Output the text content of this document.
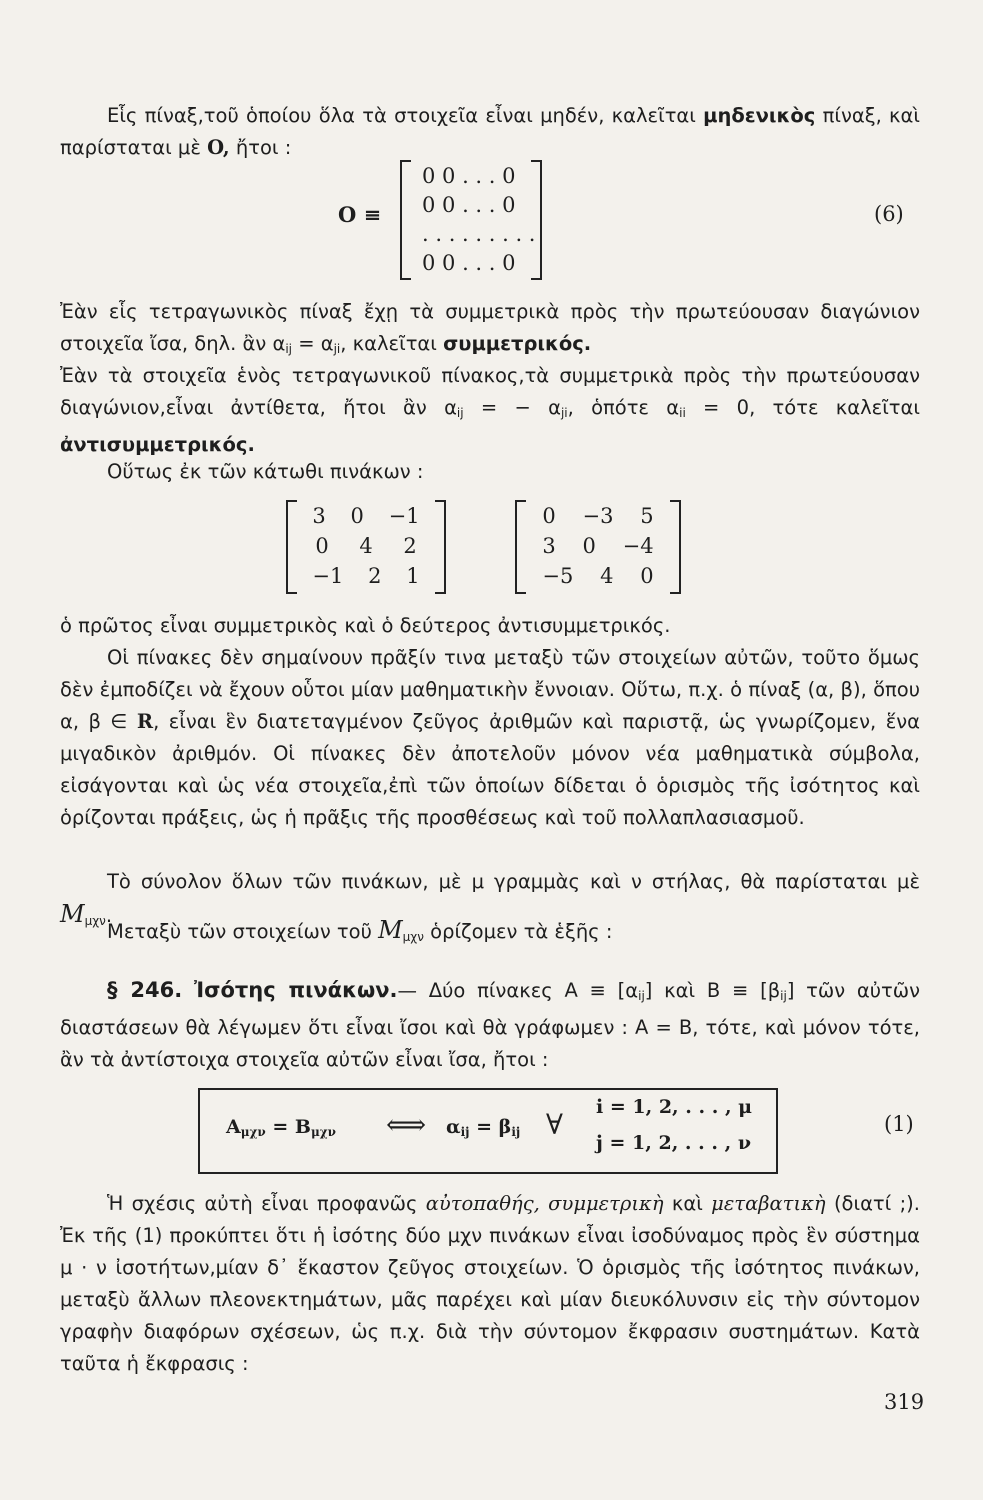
Εἷς πίναξ,τοῦ ὁποίου ὅλα τὰ στοιχεῖα εἶναι μηδέν, καλεῖται μηδενικὸς πίναξ, καὶ παρίσταται μὲ O, ἤτοι :

O ≡
0 0 . . . 0
0 0 . . . 0
. . . . . . . . .
0 0 . . . 0
(6)

Ἐὰν εἷς τετραγωνικὸς πίναξ ἔχῃ τὰ συμμετρικὰ πρὸς τὴν πρωτεύουσαν διαγώνιον στοιχεῖα ἴσα, δηλ. ἂν $\alpha_{ij} = \alpha_{ji}$, καλεῖται συμμετρικός.

Ἐὰν τὰ στοιχεῖα ἑνὸς τετραγωνικοῦ πίνακος,τὰ συμμετρικὰ πρὸς τὴν πρωτεύουσαν διαγώνιον,εἶναι ἀντίθετα, ἤτοι ἂν $\alpha_{ij}$ = − $\alpha_{ji}$, ὁπότε $\alpha_{ii} = 0$, τότε καλεῖται ἀντισυμμετρικός.

Οὕτως ἐκ τῶν κάτωθι πινάκων :

3 0 −1
0 4 2
−1 2 1
0 −3 5
3 0 −4
−5 4 0

ὁ πρῶτος εἶναι συμμετρικὸς καὶ ὁ δεύτερος ἀντισυμμετρικός.

Οἱ πίνακες δὲν σημαίνουν πρᾶξίν τινα μεταξὺ τῶν στοιχείων αὐτῶν, τοῦτο ὅμως δὲν ἐμποδίζει νὰ ἔχουν οὗτοι μίαν μαθηματικὴν ἔννοιαν. Οὕτω, π.χ. ὁ πίναξ (α, β), ὅπου α, β ∈ R, εἶναι ἓν διατεταγμένον ζεῦγος ἀριθμῶν καὶ παριστᾷ, ὡς γνωρίζομεν, ἕνα μιγαδικὸν ἀριθμόν. Οἱ πίνακες δὲν ἀποτελοῦν μόνον νέα μαθηματικὰ σύμβολα, εἰσάγονται καὶ ὡς νέα στοιχεῖα,ἐπὶ τῶν ὁποίων δίδεται ὁ ὁρισμὸς τῆς ἰσότητος καὶ ὁρίζονται πράξεις, ὡς ἡ πρᾶξις τῆς προσθέσεως καὶ τοῦ πολλαπλασιασμοῦ.

Τὸ σύνολον ὅλων τῶν πινάκων, μὲ μ γραμμὰς καὶ ν στήλας, θὰ παρίσταται μὲ $M_{\mu\chi\nu}$.

Μεταξὺ τῶν στοιχείων τοῦ $M_{\mu\chi\nu}$ ὁρίζομεν τὰ ἑξῆς :

§ 246. Ἰσότης πινάκων.— Δύο πίνακες $A \equiv [\alpha_{ij}]$ καὶ $B \equiv [\beta_{ij}]$ τῶν αὐτῶν διαστάσεων θὰ λέγωμεν ὅτι εἶναι ἴσοι καὶ θὰ γράφωμεν : Α = Β, τότε, καὶ μόνον τότε, ἂν τὰ ἀντίστοιχα στοιχεῖα αὐτῶν εἶναι ἴσα, ἤτοι :

$A_{\mu\chi\nu} = B_{\mu\chi\nu}$ ⟺ $\alpha_{ij} = \beta_{ij}$ ∀
i = 1, 2, . . . , μ
j = 1, 2, . . . , ν
(1)

Ἡ σχέσις αὐτὴ εἶναι προφανῶς αὐτοπαθής, συμμετρικὴ καὶ μεταβατικὴ (διατί ;). Ἐκ τῆς (1) προκύπτει ὅτι ἡ ἰσότης δύο μχν πινάκων εἶναι ἰσοδύναμος πρὸς ἓν σύστημα μ · ν ἰσοτήτων,μίαν δ᾽ ἕκαστον ζεῦγος στοιχείων. Ὁ ὁρισμὸς τῆς ἰσότητος πινάκων, μεταξὺ ἄλλων πλεονεκτημάτων, μᾶς παρέχει καὶ μίαν διευκόλυνσιν εἰς τὴν σύντομον γραφὴν διαφόρων σχέσεων, ὡς π.χ. διὰ τὴν σύντομον ἔκφρασιν συστημάτων. Κατὰ ταῦτα ἡ ἔκφρασις :

319
